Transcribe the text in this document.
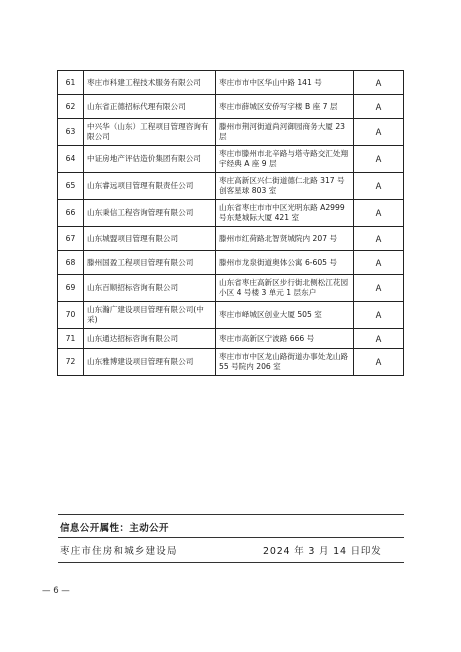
61	枣庄市科建工程技术服务有限公司	枣庄市市中区华山中路 141 号	A
62	山东省正德招标代理有限公司	枣庄市薛城区安侨写字楼 B 座 7 层	A
63	中兴华（山东）工程项目管理咨询有限公司	滕州市荆河街道尚河御园商务大厦 23 层	A
64	中证房地产评估造价集团有限公司	枣庄市滕州市北辛路与塔寺路交汇处翔宇经典 A 座 9 层	A
65	山东睿远项目管理有限责任公司	枣庄高新区兴仁街道德仁北路 317 号创客星球 803 室	A
66	山东秉信工程咨询管理有限公司	山东省枣庄市市中区光明东路 A2999 号东楚城际大厦 421 室	A
67	山东城盟项目管理有限公司	滕州市红荷路北智贤城院内 207 号	A
68	滕州国盈工程项目管理有限公司	滕州市龙泉街道奥体公寓 6-605 号	A
69	山东百顺招标咨询有限公司	山东省枣庄高新区步行街北侧松江花园小区 4 号楼 3 单元 1 层东户	A
70	山东瀚广建设项目管理有限公司(中采)	枣庄市峄城区创业大厦 505 室	A
71	山东通达招标咨询有限公司	枣庄市高新区宁波路 666 号	A
72	山东雅博建设项目管理有限公司	枣庄市市中区龙山路街道办事处龙山路 55 号院内 206 室	A
信息公开属性：主动公开
枣庄市住房和城乡建设局	2024 年 3 月 14 日印发
— 6 —
